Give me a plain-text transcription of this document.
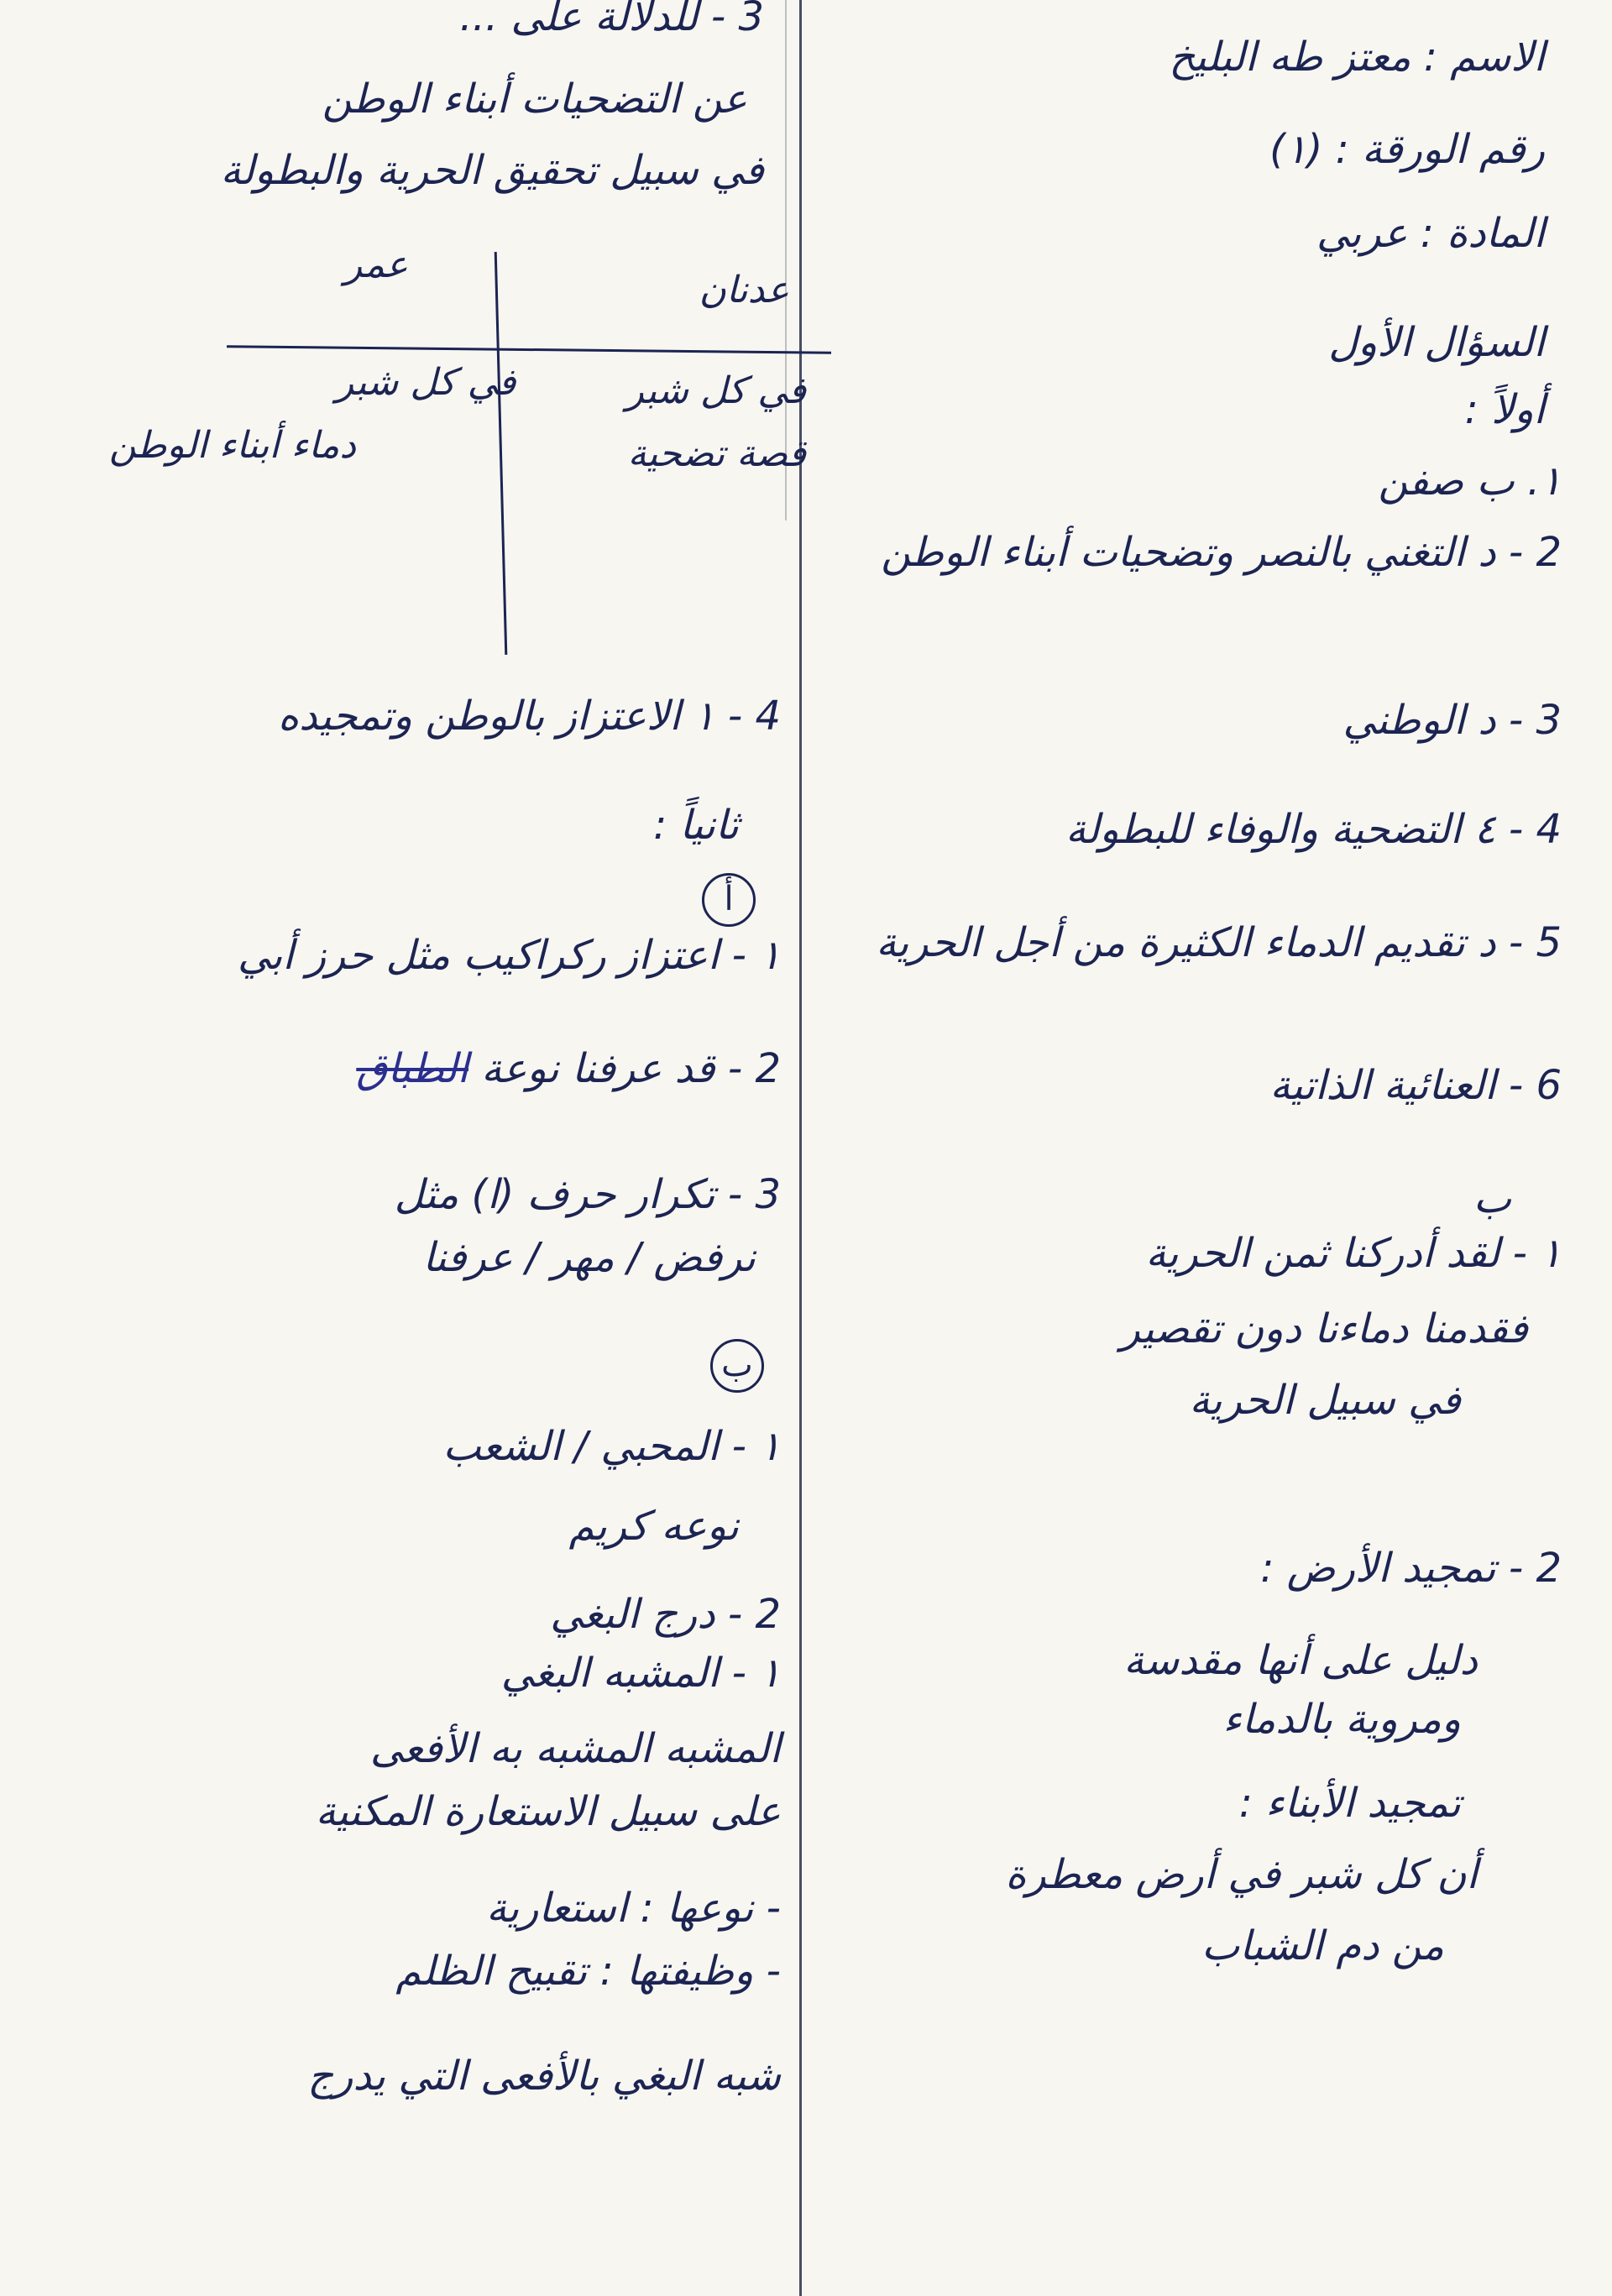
الاسم : معتز طه البليخ
رقم الورقة : (١)
المادة : عربي
السؤال الأول
أولاً :
١. ب صفن
2 - د التغني بالنصر وتضحيات أبناء الوطن
3 - د الوطني
4 - ٤ التضحية والوفاء للبطولة
5 - د تقديم الدماء الكثيرة من أجل الحرية
6 - العنائية الذاتية
ب
١ - لقد أدركنا ثمن الحرية
فقدمنا دماءنا دون تقصير
في سبيل الحرية
2 - تمجيد الأرض :
دليل على أنها مقدسة
ومروية بالدماء
تمجيد الأبناء :
أن كل شبر في أرض معطرة
من دم الشباب
3 - للدلالة على ...
عن التضحيات أبناء الوطن
في سبيل تحقيق الحرية والبطولة
عدنان
عمر
في كل شبر
قصة تضحية
في كل شبر
دماء أبناء الوطن
4 - ١ الاعتزاز بالوطن وتمجيده
ثانياً :
أ
١ - اعتزاز ركراكيب مثل حرز أبي
2 - قد عرفنا نوعة الطباق
3 - تكرار حرف (ا) مثل
نرفض / مهر / عرفنا
ب
١ - المحبي / الشعب
نوعه كريم
2 - درج البغي
١ - المشبه البغي
المشبه المشبه به الأفعى
على سبيل الاستعارة المكنية
- نوعها : استعارية
- وظيفتها : تقبيح الظلم
شبه البغي بالأفعى التي يدرج
